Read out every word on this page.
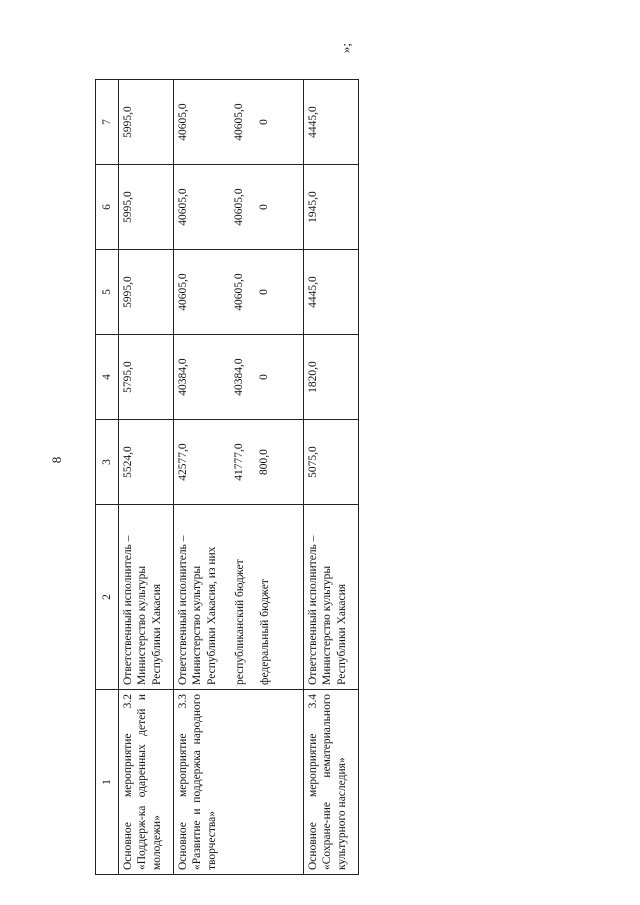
8
»;
1	2	3	4	5	6	7
Основное мероприятие 3.2 «Поддерж-ка одаренных детей и молодежи»	Ответственный исполнитель – Министерство культуры Республики Хакасия	5524,0	5795,0	5995,0	5995,0	5995,0
Основное мероприятие 3.3 «Развитие и поддержка народного творчества»	Ответственный исполнитель – Министерство культуры Республики Хакасия, из них республиканский бюджет федеральный бюджет	42577,0 41777,0 800,0	40384,0 40384,0 0	40605,0 40605,0 0	40605,0 40605,0 0	40605,0 40605,0 0

Основное мероприятие 3.4 «Сохране-ние нематериального культурного наследия»	Ответственный исполнитель – Министерство культуры Республики Хакасия	5075,0	1820,0	4445,0	1945,0	4445,0
